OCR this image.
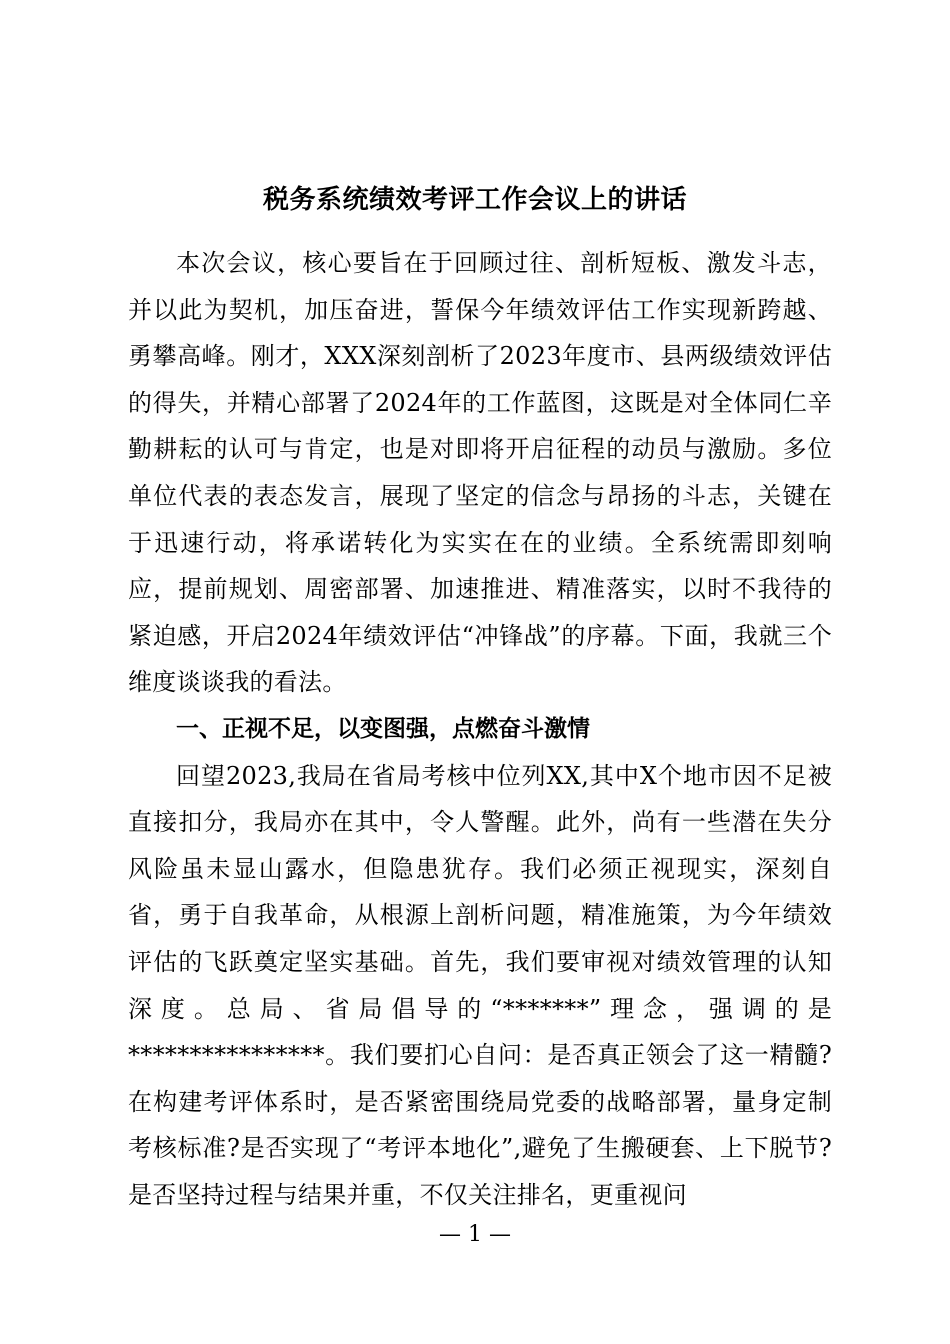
税务系统绩效考评工作会议上的讲话

本次会议，核心要旨在于回顾过往、剖析短板、激发斗志，并以此为契机，加压奋进，誓保今年绩效评估工作实现新跨越、勇攀高峰。刚才，XXX深刻剖析了2023年度市、县两级绩效评估的得失，并精心部署了2024年的工作蓝图，这既是对全体同仁辛勤耕耘的认可与肯定，也是对即将开启征程的动员与激励。多位单位代表的表态发言，展现了坚定的信念与昂扬的斗志，关键在于迅速行动，将承诺转化为实实在在的业绩。全系统需即刻响应，提前规划、周密部署、加速推进、精准落实，以时不我待的紧迫感，开启2024年绩效评估“冲锋战”的序幕。下面，我就三个维度谈谈我的看法。

一、正视不足，以变图强，点燃奋斗激情

回望2023,我局在省局考核中位列XX,其中X个地市因不足被直接扣分，我局亦在其中，令人警醒。此外，尚有一些潜在失分风险虽未显山露水，但隐患犹存。我们必须正视现实，深刻自省，勇于自我革命，从根源上剖析问题，精准施策，为今年绩效评估的飞跃奠定坚实基础。首先，我们要审视对绩效管理的认知深度。总局、省局倡导的“*******”理念，强调的是****************。我们要扪心自问：是否真正领会了这一精髓?在构建考评体系时，是否紧密围绕局党委的战略部署，量身定制考核标准?是否实现了“考评本地化”,避免了生搬硬套、上下脱节?是否坚持过程与结果并重，不仅关注排名，更重视问

— 1 —
